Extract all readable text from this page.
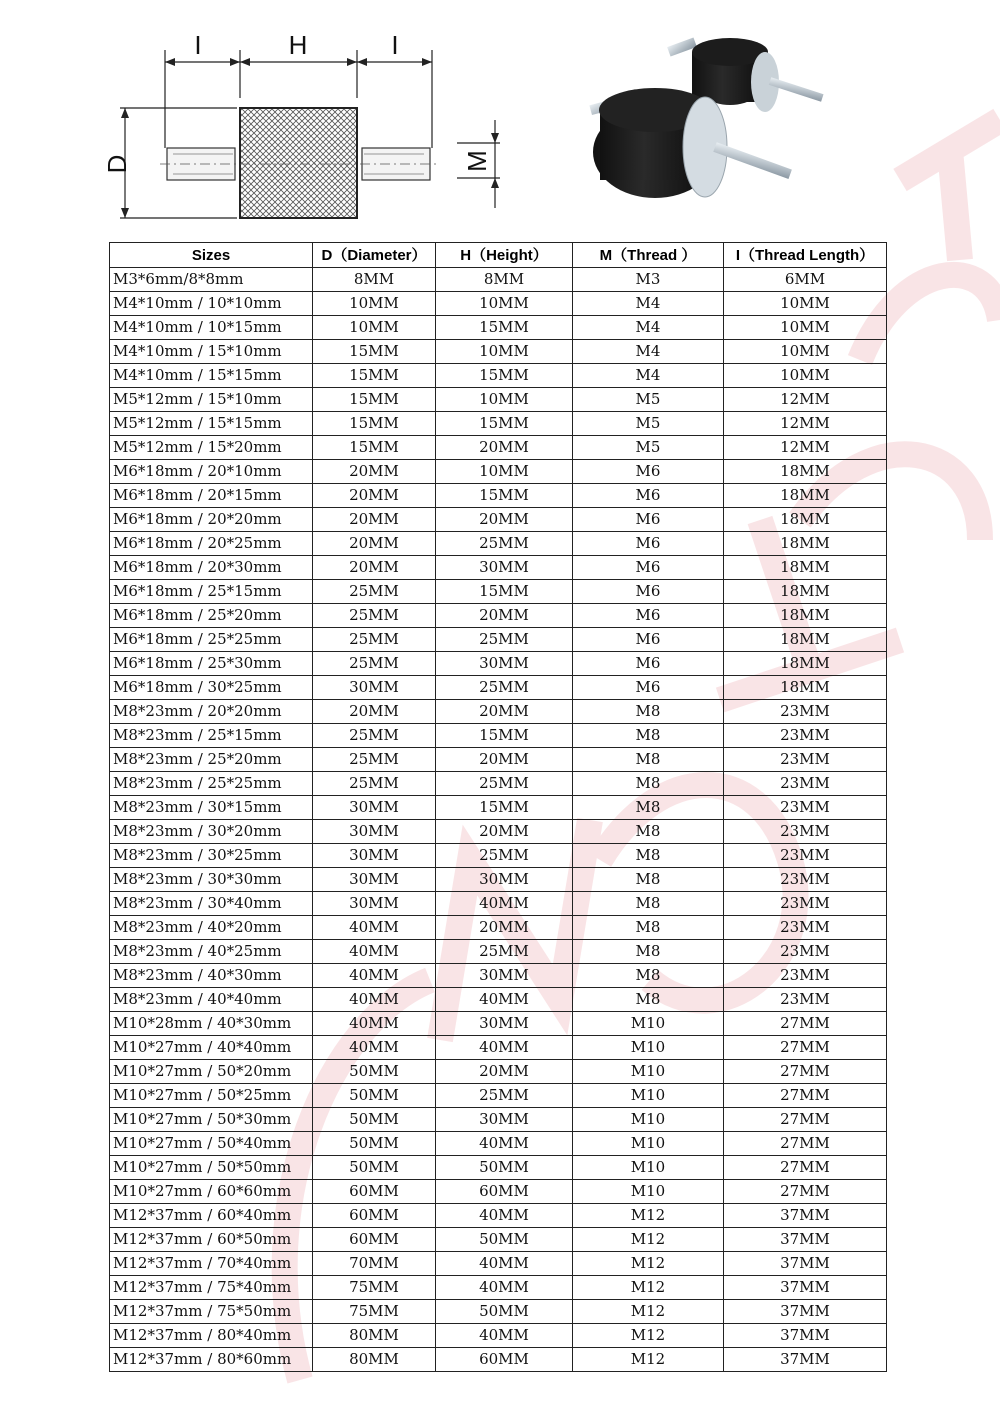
I	H	I
D	M
Sizes	D（Diameter）	H（Height）	M（Thread ）	I（Thread Length）
M3*6mm/8*8mm	8MM	8MM	M3	6MM
M4*10mm / 10*10mm	10MM	10MM	M4	10MM
M4*10mm / 10*15mm	10MM	15MM	M4	10MM
M4*10mm / 15*10mm	15MM	10MM	M4	10MM
M4*10mm / 15*15mm	15MM	15MM	M4	10MM
M5*12mm / 15*10mm	15MM	10MM	M5	12MM
M5*12mm / 15*15mm	15MM	15MM	M5	12MM
M5*12mm / 15*20mm	15MM	20MM	M5	12MM
M6*18mm / 20*10mm	20MM	10MM	M6	18MM
M6*18mm / 20*15mm	20MM	15MM	M6	18MM
M6*18mm / 20*20mm	20MM	20MM	M6	18MM
M6*18mm / 20*25mm	20MM	25MM	M6	18MM
M6*18mm / 20*30mm	20MM	30MM	M6	18MM
M6*18mm / 25*15mm	25MM	15MM	M6	18MM
M6*18mm / 25*20mm	25MM	20MM	M6	18MM
M6*18mm / 25*25mm	25MM	25MM	M6	18MM
M6*18mm / 25*30mm	25MM	30MM	M6	18MM
M6*18mm / 30*25mm	30MM	25MM	M6	18MM
M8*23mm / 20*20mm	20MM	20MM	M8	23MM
M8*23mm / 25*15mm	25MM	15MM	M8	23MM
M8*23mm / 25*20mm	25MM	20MM	M8	23MM
M8*23mm / 25*25mm	25MM	25MM	M8	23MM
M8*23mm / 30*15mm	30MM	15MM	M8	23MM
M8*23mm / 30*20mm	30MM	20MM	M8	23MM
M8*23mm / 30*25mm	30MM	25MM	M8	23MM
M8*23mm / 30*30mm	30MM	30MM	M8	23MM
M8*23mm / 30*40mm	30MM	40MM	M8	23MM
M8*23mm / 40*20mm	40MM	20MM	M8	23MM
M8*23mm / 40*25mm	40MM	25MM	M8	23MM
M8*23mm / 40*30mm	40MM	30MM	M8	23MM
M8*23mm / 40*40mm	40MM	40MM	M8	23MM
M10*28mm / 40*30mm	40MM	30MM	M10	27MM
M10*27mm / 40*40mm	40MM	40MM	M10	27MM
M10*27mm / 50*20mm	50MM	20MM	M10	27MM
M10*27mm / 50*25mm	50MM	25MM	M10	27MM
M10*27mm / 50*30mm	50MM	30MM	M10	27MM
M10*27mm / 50*40mm	50MM	40MM	M10	27MM
M10*27mm / 50*50mm	50MM	50MM	M10	27MM
M10*27mm / 60*60mm	60MM	60MM	M10	27MM
M12*37mm / 60*40mm	60MM	40MM	M12	37MM
M12*37mm / 60*50mm	60MM	50MM	M12	37MM
M12*37mm / 70*40mm	70MM	40MM	M12	37MM
M12*37mm / 75*40mm	75MM	40MM	M12	37MM
M12*37mm / 75*50mm	75MM	50MM	M12	37MM
M12*37mm / 80*40mm	80MM	40MM	M12	37MM
M12*37mm / 80*60mm	80MM	60MM	M12	37MM
